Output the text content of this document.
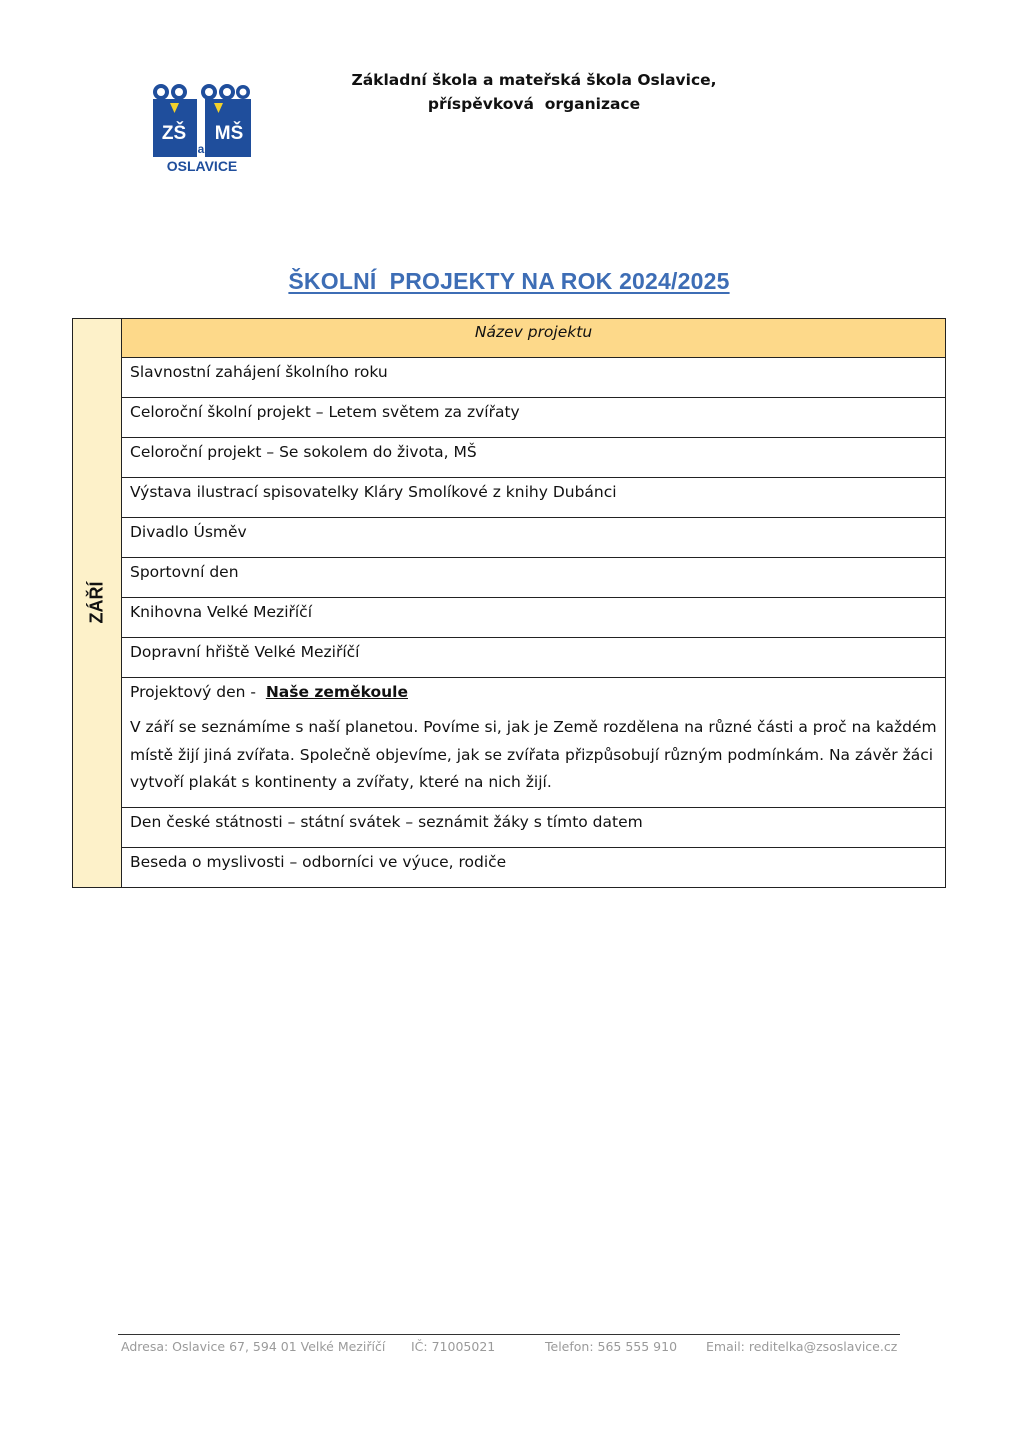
ZŠ MŠ
a
OSLAVICE
Základní škola a mateřská škola Oslavice,
příspěvková  organizace
ŠKOLNÍ  PROJEKTY NA ROK 2024/2025
ZÁŘÍ	Název projektu
Slavnostní zahájení školního roku
Celoroční školní projekt – Letem světem za zvířaty
Celoroční projekt – Se sokolem do života, MŠ
Výstava ilustrací spisovatelky Kláry Smolíkové z knihy Dubánci
Divadlo Úsměv
Sportovní den
Knihovna Velké Meziříčí
Dopravní hřiště Velké Meziříčí

Projektový den -  Naše zeměkoule

V září se seznámíme s naší planetou. Povíme si, jak je Země rozdělena na různé části a proč na každém místě žijí jiná zvířata. Společně objevíme, jak se zvířata přizpůsobují různým podmínkám. Na závěr žáci vytvoří plakát s kontinenty a zvířaty, které na nich žijí.

Den české státnosti – státní svátek – seznámit žáky s tímto datem
Beseda o myslivosti – odborníci ve výuce, rodiče
Adresa: Oslavice 67, 594 01 Velké Meziříčí IČ: 71005021	Telefon: 565 555 910 Email: reditelka@zsoslavice.cz
